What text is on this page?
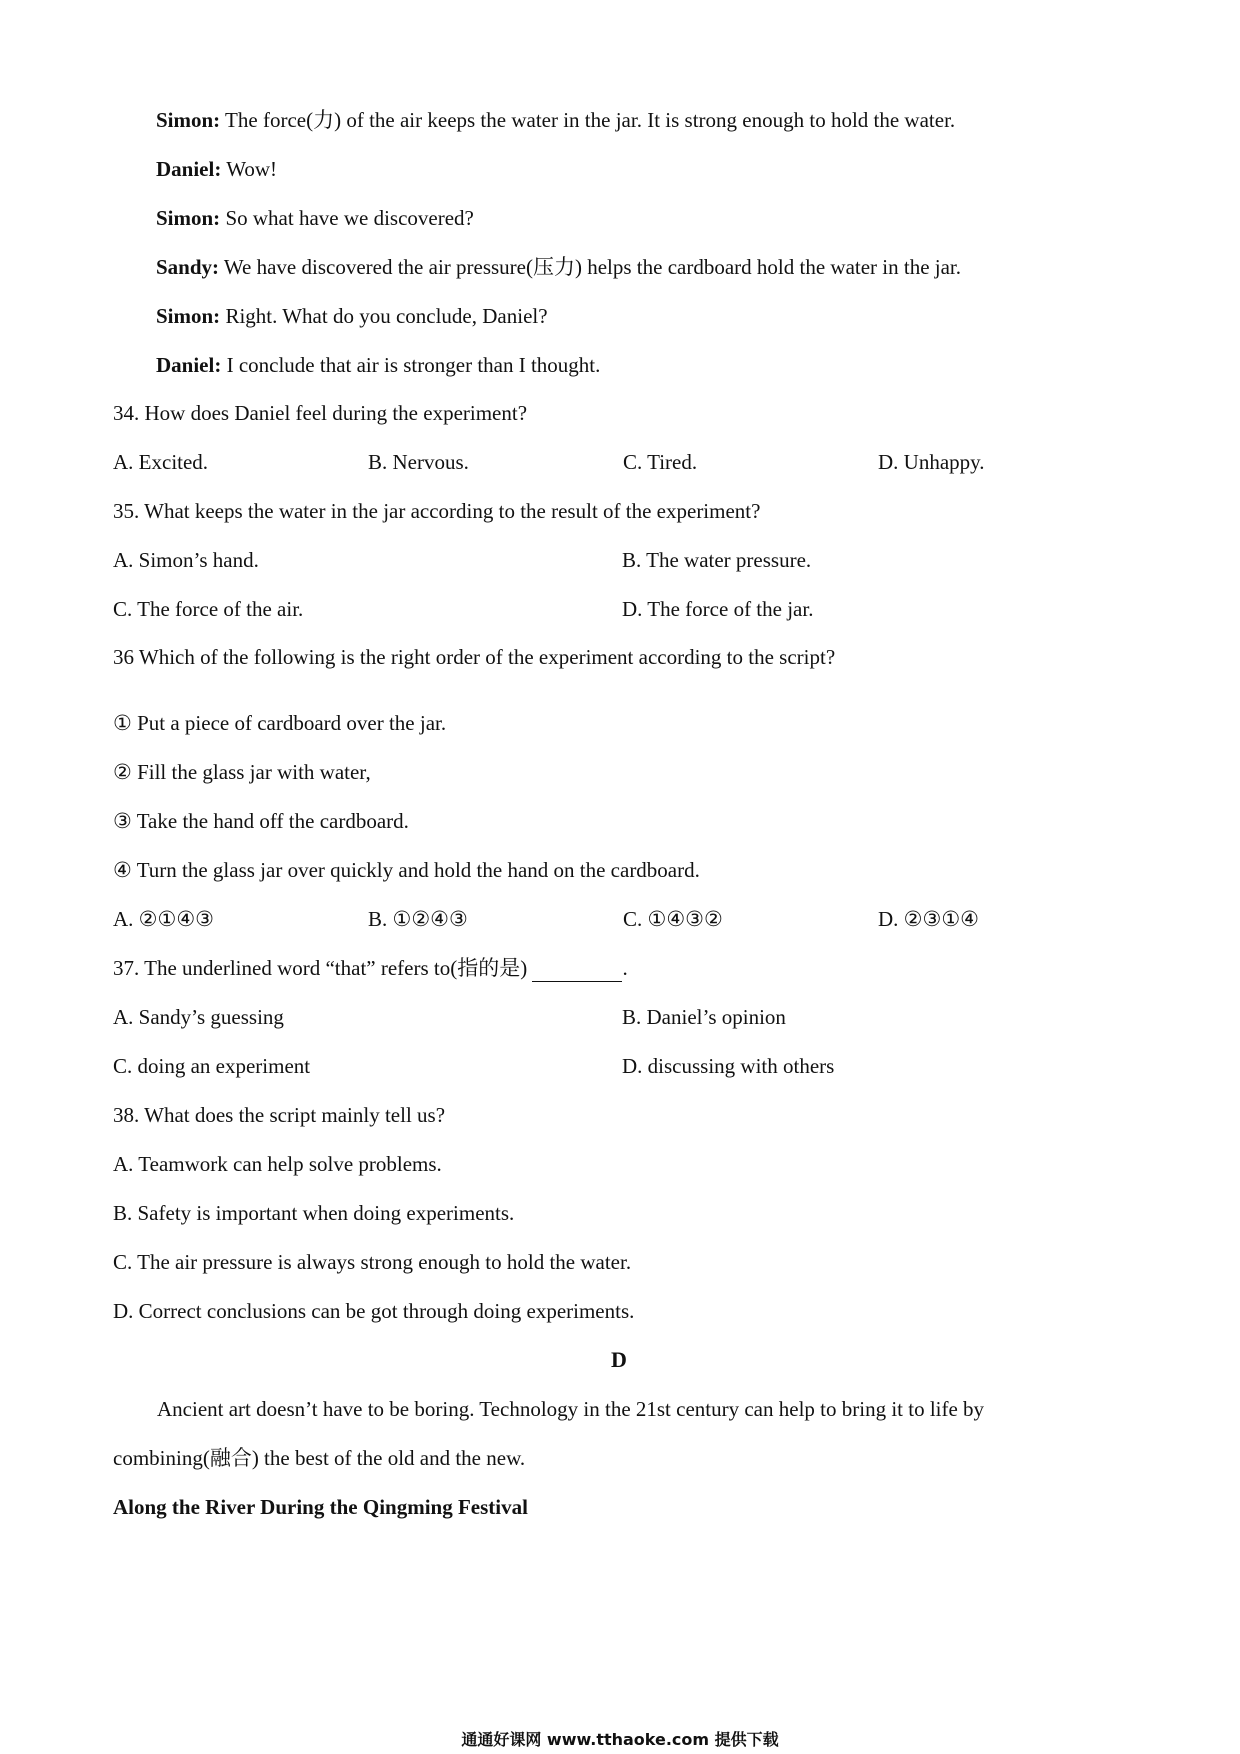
Simon: The force(力) of the air keeps the water in the jar. It is strong enough to hold the water.
Daniel: Wow!
Simon: So what have we discovered?
Sandy: We have discovered the air pressure(压力) helps the cardboard hold the water in the jar.
Simon: Right. What do you conclude, Daniel?
Daniel: I conclude that air is stronger than I thought.
34. How does Daniel feel during the experiment?
A. Excited.	B. Nervous.	C. Tired.	D. Unhappy.
35. What keeps the water in the jar according to the result of the experiment?
A. Simon’s hand.	B. The water pressure.
C. The force of the air.	D. The force of the jar.
36 Which of the following is the right order of the experiment according to the script?
① Put a piece of cardboard over the jar.
② Fill the glass jar with water,
③ Take the hand off the cardboard.
④ Turn the glass jar over quickly and hold the hand on the cardboard.
A. ②①④③	B. ①②④③	C. ①④③②	D. ②③①④
37. The underlined word “that” refers to(指的是)	.
A. Sandy’s guessing	B. Daniel’s opinion
C. doing an experiment	D. discussing with others
38. What does the script mainly tell us?
A. Teamwork can help solve problems.
B. Safety is important when doing experiments.
C. The air pressure is always strong enough to hold the water.
D. Correct conclusions can be got through doing experiments.
D
Ancient art doesn’t have to be boring. Technology in the 21st century can help to bring it to life by
combining(融合) the best of the old and the new.
Along the River During the Qingming Festival
通通好课网 www.tthaoke.com 提供下载
